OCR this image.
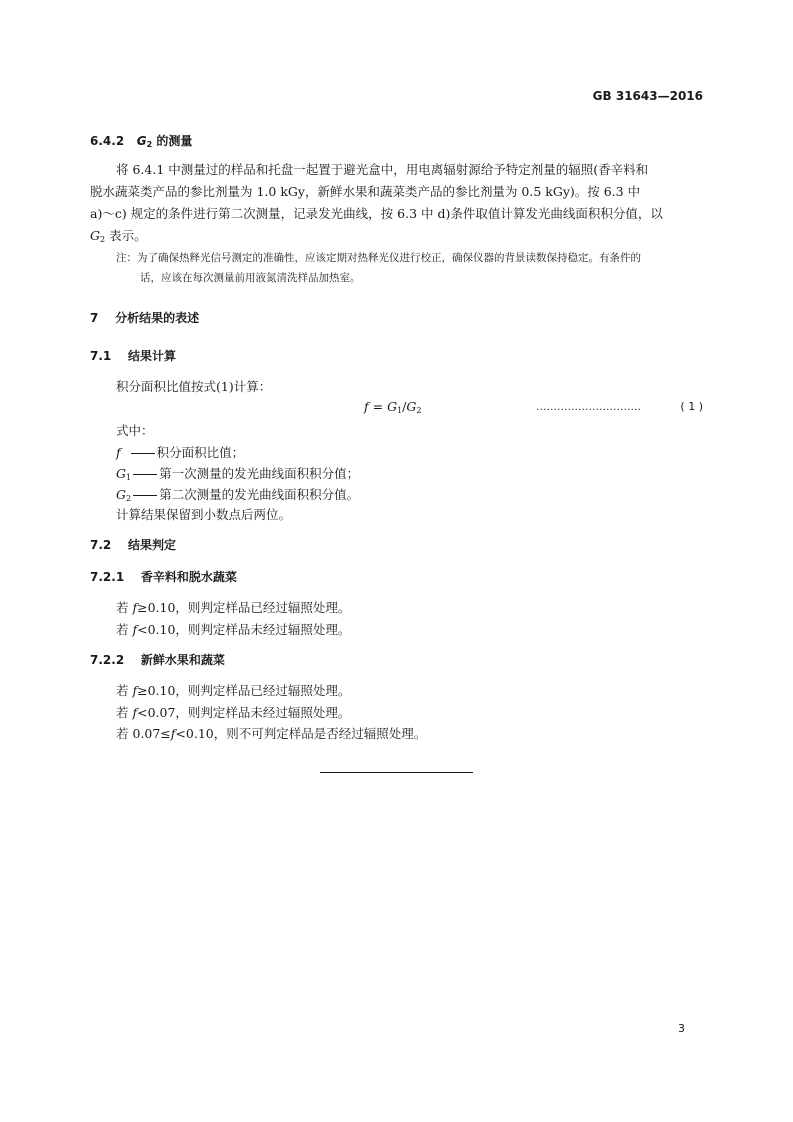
GB 31643—2016
6.4.2 $G_2$ 的测量
将 6.4.1 中测量过的样品和托盘一起置于避光盒中，用电离辐射源给予特定剂量的辐照(香辛料和
脱水蔬菜类产品的参比剂量为 1.0 kGy，新鲜水果和蔬菜类产品的参比剂量为 0.5 kGy)。按 6.3 中
a)～c) 规定的条件进行第二次测量，记录发光曲线，按 6.3 中 d)条件取值计算发光曲线面积积分值，以
$G_2$ 表示。
注：为了确保热释光信号测定的准确性，应该定期对热释光仪进行校正，确保仪器的背景读数保持稳定。有条件的
话，应该在每次测量前用液氮清洗样品加热室。
7 分析结果的表述
7.1 结果计算
积分面积比值按式(1)计算：
$f = G_1/G_2$	…………………………	( 1 )
式中：
f	积分面积比值；
$G_1$ 第一次测量的发光曲线面积积分值；
$G_2$ 第二次测量的发光曲线面积积分值。
计算结果保留到小数点后两位。
7.2 结果判定
7.2.1 香辛料和脱水蔬菜
若 f≥0.10，则判定样品已经过辐照处理。
若 f<0.10，则判定样品未经过辐照处理。
7.2.2 新鲜水果和蔬菜
若 f≥0.10，则判定样品已经过辐照处理。
若 f<0.07，则判定样品未经过辐照处理。
若 0.07≤f<0.10，则不可判定样品是否经过辐照处理。
3
